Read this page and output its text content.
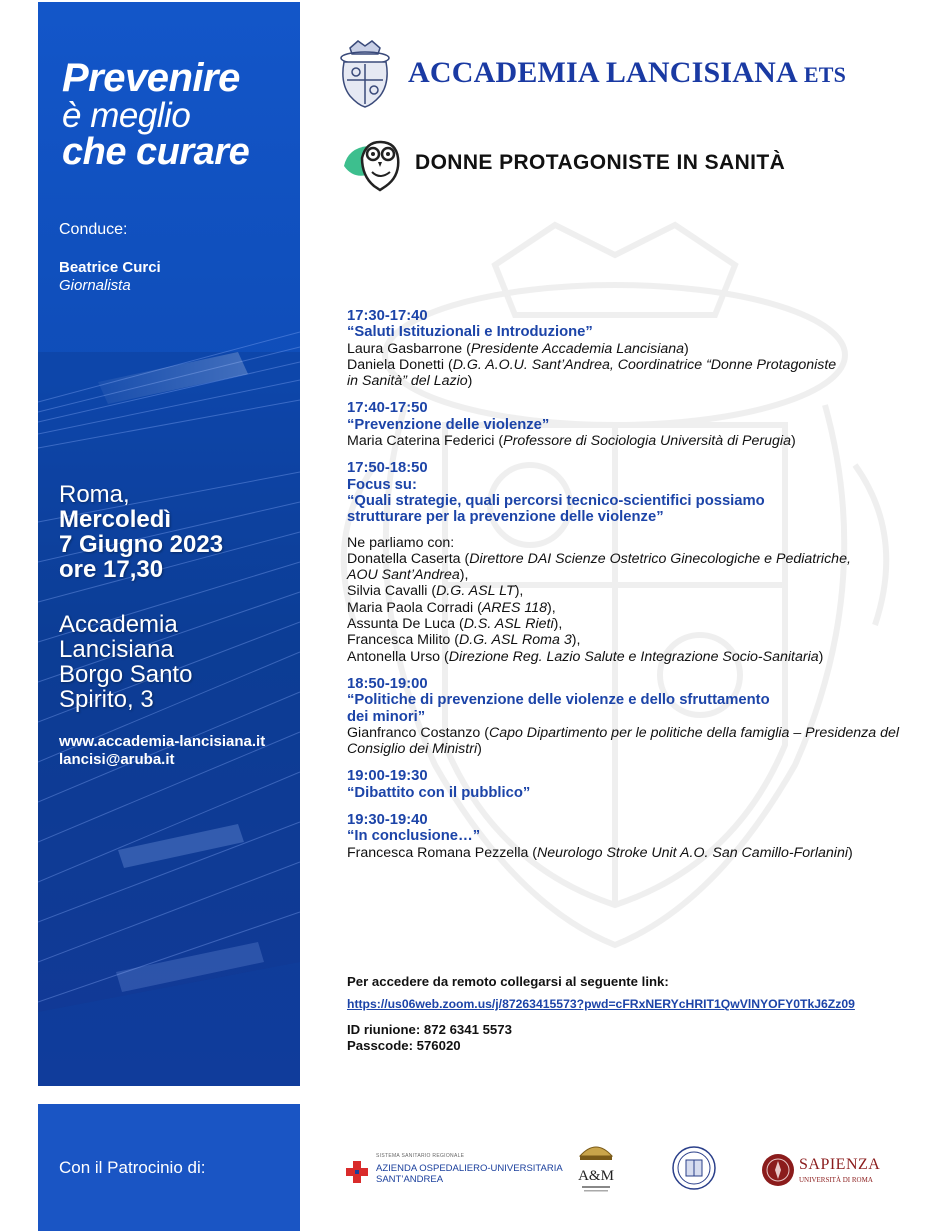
Prevenire
è meglio
che curare
Conduce:
Beatrice Curci
Giornalista
Roma,
Mercoledì
7 Giugno 2023
ore 17,30
Accademia
Lancisiana
Borgo Santo
Spirito, 3
www.accademia-lancisiana.it
lancisi@aruba.it
Con il Patrocinio di:
ACCADEMIA LANCISIANA ETS
DONNE PROTAGONISTE IN SANITÀ
17:30-17:40
“Saluti Istituzionali e Introduzione”
Laura Gasbarrone (Presidente Accademia Lancisiana)
Daniela Donetti (D.G. A.O.U. Sant’Andrea, Coordinatrice “Donne Protagoniste
in Sanità” del Lazio)
17:40-17:50
“Prevenzione delle violenze”
Maria Caterina Federici (Professore di Sociologia Università di Perugia)
17:50-18:50
Focus su:
“Quali strategie, quali percorsi tecnico-scientifici possiamo
strutturare per la prevenzione delle violenze”
Ne parliamo con:
Donatella Caserta (Direttore DAI Scienze Ostetrico Ginecologiche e Pediatriche,
AOU Sant’Andrea),
Silvia Cavalli (D.G. ASL LT),
Maria Paola Corradi (ARES 118),
Assunta De Luca (D.S. ASL Rieti),
Francesca Milito (D.G. ASL Roma 3),
Antonella Urso (Direzione Reg. Lazio Salute e Integrazione Socio-Sanitaria)
18:50-19:00
“Politiche di prevenzione delle violenze e dello sfruttamento
dei minori”
Gianfranco Costanzo (Capo Dipartimento per le politiche della famiglia – Presidenza del
Consiglio dei Ministri)
19:00-19:30
“Dibattito con il pubblico”
19:30-19:40
“In conclusione…”
Francesca Romana Pezzella (Neurologo Stroke Unit A.O. San Camillo-Forlanini)
Per accedere da remoto collegarsi al seguente link:
https://us06web.zoom.us/j/87263415573?pwd=cFRxNERYcHRIT1QwVlNYOFY0TkJ6Zz09
ID riunione: 872 6341 5573
Passcode: 576020
SISTEMA SANITARIO REGIONALE
AZIENDA OSPEDALIERO-UNIVERSITARIA
SANT’ANDREA	A&M
SAPIENZA
UNIVERSITÀ DI ROMA
